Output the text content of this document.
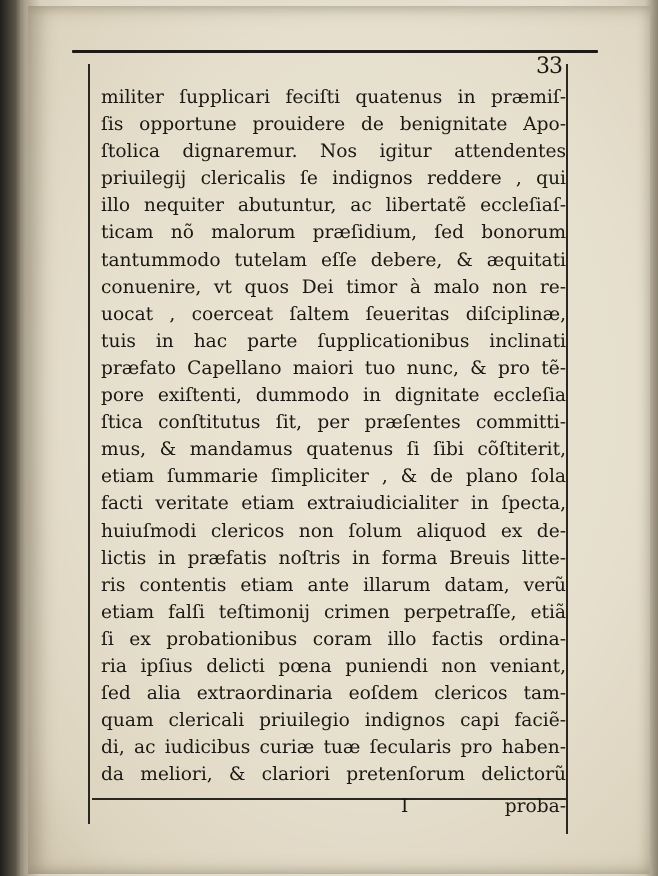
33
militer ſupplicari feciſti quatenus in præmiſ-
ſis opportune prouidere de benignitate Apo-
ſtolica dignaremur. Nos igitur attendentes
priuilegij clericalis ſe indignos reddere , qui
illo nequiter abutuntur, ac libertatẽ eccleſiaſ-
ticam nõ malorum præſidium, ſed bonorum
tantummodo tutelam eſſe debere, & æquitati
conuenire, vt quos Dei timor à malo non re-
uocat , coerceat ſaltem ſeueritas diſciplinæ,
tuis in hac parte ſupplicationibus inclinati
præfato Capellano maiori tuo nunc, & pro tẽ-
pore exiſtenti, dummodo in dignitate eccleſia
ſtica conſtitutus ſit, per præſentes committi-
mus, & mandamus quatenus ſi ſibi cõſtiterit,
etiam ſummarie ſimpliciter , & de plano ſola
facti veritate etiam extraiudicialiter in ſpecta,
huiuſmodi clericos non ſolum aliquod ex de-
lictis in præfatis noſtris in forma Breuis litte-
ris contentis etiam ante illarum datam, verũ
etiam falſi teſtimonij crimen perpetraſſe, etiã
ſi ex probationibus coram illo factis ordina-
ria ipſius delicti pœna puniendi non veniant,
ſed alia extraordinaria eoſdem clericos tam-
quam clericali priuilegio indignos capi faciẽ-
di, ac iudicibus curiæ tuæ ſecularis pro haben-
da meliori, & clariori pretenſorum delictorũ
I	proba-
